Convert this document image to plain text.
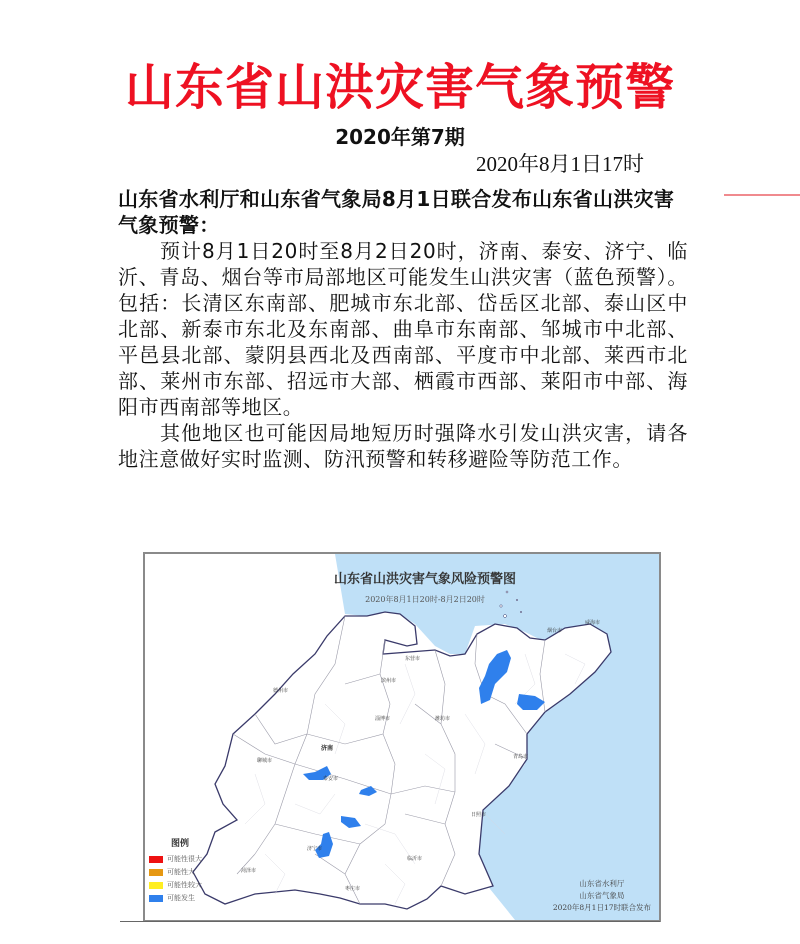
山东省山洪灾害气象预警
2020年第7期
2020年8月1日17时

山东省水利厅和山东省气象局8月1日联合发布山东省山洪灾害气象预警：

预计8月1日20时至8月2日20时，济南、泰安、济宁、临沂、青岛、烟台等市局部地区可能发生山洪灾害（蓝色预警）。包括：长清区东南部、肥城市东北部、岱岳区北部、泰山区中北部、新泰市东北及东南部、曲阜市东南部、邹城市中北部、平邑县北部、蒙阴县西北及西南部、平度市中北部、莱西市北部、莱州市东部、招远市大部、栖霞市西部、莱阳市中部、海阳市西南部等地区。

其他地区也可能因局地短历时强降水引发山洪灾害，请各地注意做好实时监测、防汛预警和转移避险等防范工作。

济南
德州市
滨州市
东营市
淄博市	潍坊市
烟台市
威海市
青岛市
聊城市
泰安市
济宁市
日照市
临沂市
菏泽市
枣庄市
山东省山洪灾害气象风险预警图
2020年8月1日20时-8月2日20时
图例
可能性很大
可能性大
可能性较大
可能发生
山东省水利厅
山东省气象局
2020年8月1日17时联合发布
